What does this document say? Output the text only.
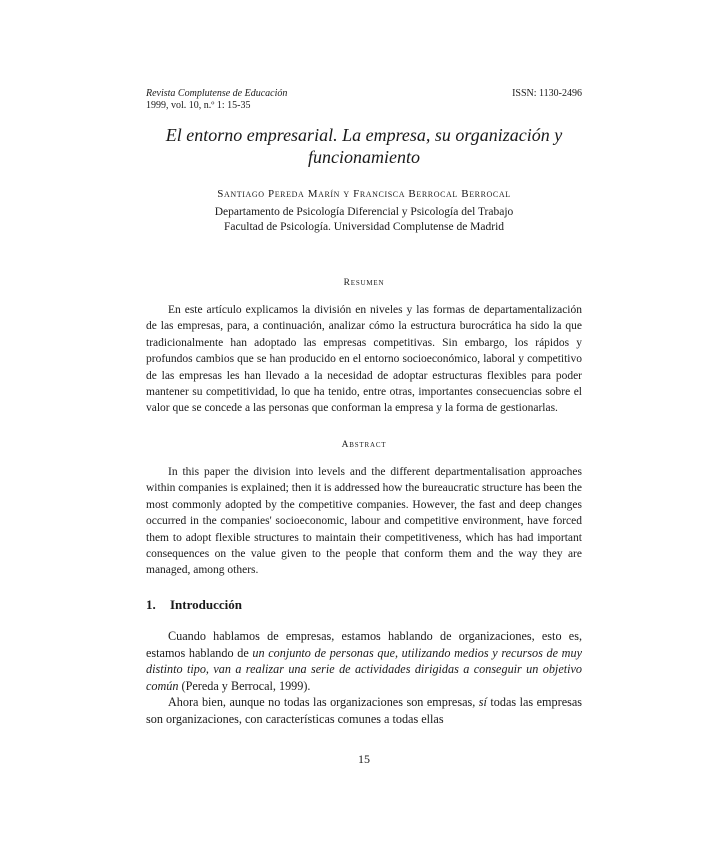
Revista Complutense de Educación
1999, vol. 10, n.º 1: 15-35
ISSN: 1130-2496
El entorno empresarial. La empresa, su organización y funcionamiento
Santiago Pereda Marín y Francisca Berrocal Berrocal
Departamento de Psicología Diferencial y Psicología del Trabajo
Facultad de Psicología. Universidad Complutense de Madrid
Resumen

En este artículo explicamos la división en niveles y las formas de departamentalización de las empresas, para, a continuación, analizar cómo la estructura burocrática ha sido la que tradicionalmente han adoptado las empresas competitivas. Sin embargo, los rápidos y profundos cambios que se han producido en el entorno socioeconómico, laboral y competitivo de las empresas les han llevado a la necesidad de adoptar estructuras flexibles para poder mantener su competitividad, lo que ha tenido, entre otras, importantes consecuencias sobre el valor que se concede a las personas que conforman la empresa y la forma de gestionarlas.

Abstract

In this paper the division into levels and the different departmentalisation approaches within companies is explained; then it is addressed how the bureaucratic structure has been the most commonly adopted by the competitive companies. However, the fast and deep changes occurred in the companies' socioeconomic, labour and competitive environment, have forced them to adopt flexible structures to maintain their competitiveness, which has had important consequences on the value given to the people that conform them and the way they are managed, among others.

1. Introducción

Cuando hablamos de empresas, estamos hablando de organizaciones, esto es, estamos hablando de un conjunto de personas que, utilizando medios y recursos de muy distinto tipo, van a realizar una serie de actividades dirigidas a conseguir un objetivo común (Pereda y Berrocal, 1999).

Ahora bien, aunque no todas las organizaciones son empresas, sí todas las empresas son organizaciones, con características comunes a todas ellas

15
